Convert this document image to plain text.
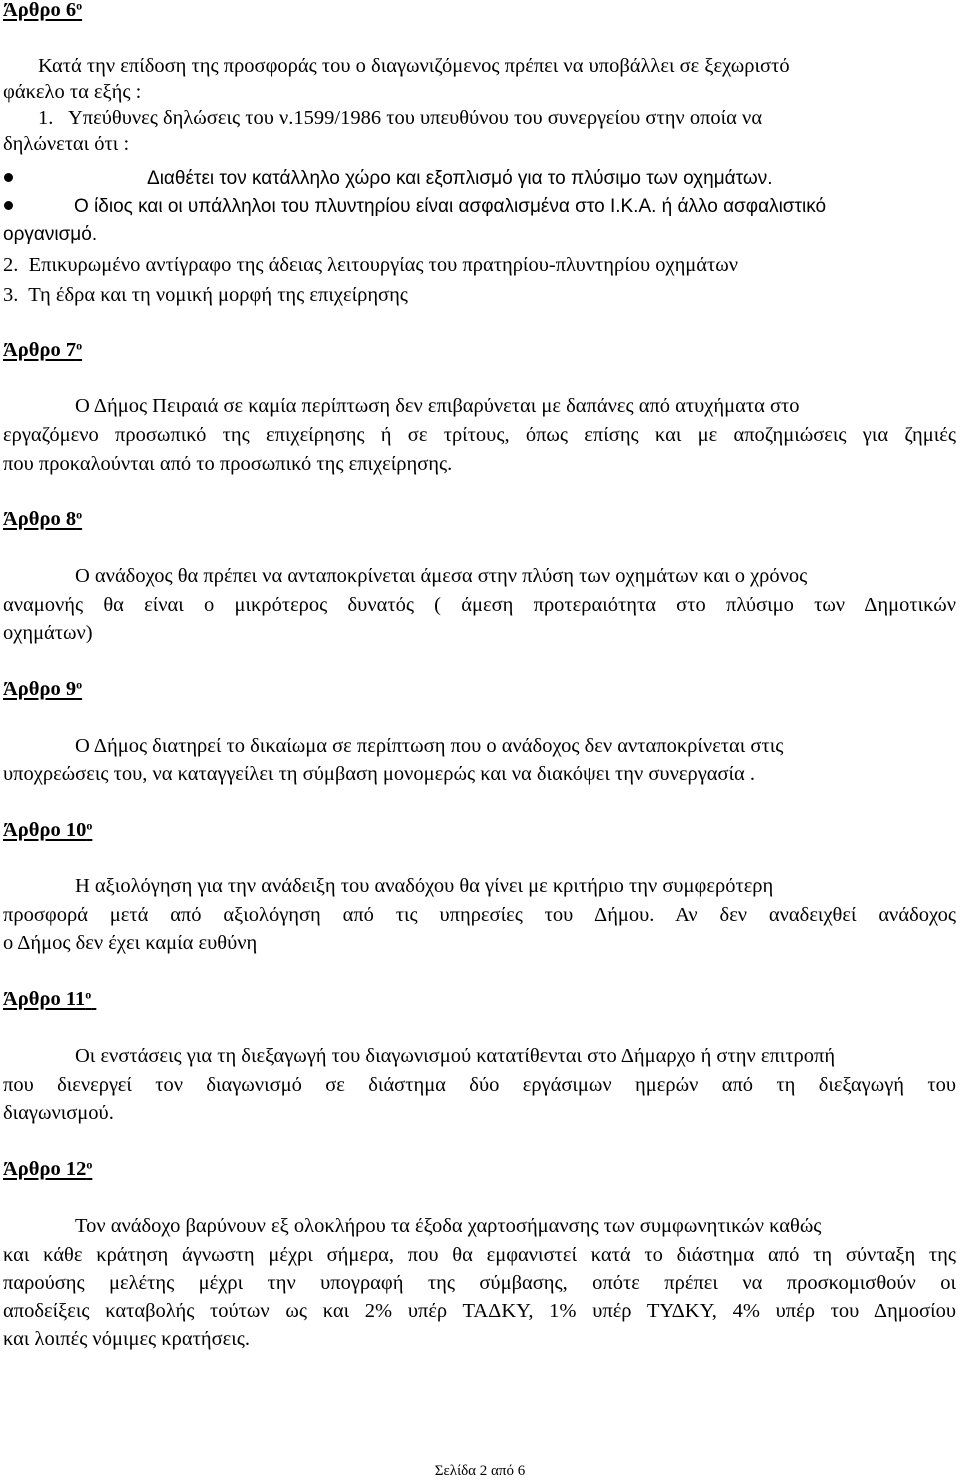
Άρθρο $6^o$
Κατά την επίδοση της προσφοράς του ο διαγωνιζόμενος πρέπει να υποβάλλει σε ξεχωριστό
φάκελο τα εξής :
1.   Υπεύθυνες δηλώσεις του ν.1599/1986 του υπευθύνου του συνεργείου στην οποία να
δηλώνεται ότι :
Διαθέτει τον κατάλληλο χώρο και εξοπλισμό για το πλύσιμο των οχημάτων.
Ο ίδιος και οι υπάλληλοι του πλυντηρίου είναι ασφαλισμένα στο Ι.Κ.Α. ή άλλο ασφαλιστικό
οργανισμό.
2.  Επικυρωμένο αντίγραφο της άδειας λειτουργίας του πρατηρίου-πλυντηρίου οχημάτων
3.  Τη έδρα και τη νομική μορφή της επιχείρησης
Άρθρο $7^o$
Ο Δήμος Πειραιά σε καμία περίπτωση δεν επιβαρύνεται με δαπάνες από ατυχήματα στο
εργαζόμενο προσωπικό της επιχείρησης ή σε τρίτους, όπως επίσης και με αποζημιώσεις για ζημιές
που προκαλούνται από το προσωπικό της επιχείρησης.
Άρθρο $8^o$
Ο ανάδοχος θα πρέπει να ανταποκρίνεται άμεσα στην πλύση των οχημάτων και ο χρόνος
αναμονής θα είναι ο μικρότερος δυνατός ( άμεση προτεραιότητα στο πλύσιμο των Δημοτικών
οχημάτων)
Άρθρο $9^o$
Ο Δήμος διατηρεί το δικαίωμα σε περίπτωση που ο ανάδοχος δεν ανταποκρίνεται στις
υποχρεώσεις του, να καταγγείλει τη σύμβαση μονομερώς και να διακόψει την συνεργασία .
Άρθρο $10^o$
Η αξιολόγηση για την ανάδειξη του αναδόχου θα γίνει με κριτήριο την συμφερότερη
προσφορά μετά από αξιολόγηση από τις υπηρεσίες του Δήμου. Αν δεν αναδειχθεί ανάδοχος
ο Δήμος δεν έχει καμία ευθύνη
Άρθρο $11^o$
Οι ενστάσεις για τη διεξαγωγή του διαγωνισμού κατατίθενται στο Δήμαρχο ή στην επιτροπή
που διενεργεί τον διαγωνισμό σε διάστημα δύο εργάσιμων ημερών από τη διεξαγωγή του
διαγωνισμού.
Άρθρο $12^o$
Τον ανάδοχο βαρύνουν εξ ολοκλήρου τα έξοδα χαρτοσήμανσης των συμφωνητικών καθώς
και κάθε κράτηση άγνωστη μέχρι σήμερα, που θα εμφανιστεί κατά το διάστημα από τη σύνταξη της
παρούσης μελέτης μέχρι την υπογραφή της σύμβασης, οπότε πρέπει να προσκομισθούν οι
αποδείξεις καταβολής τούτων ως και 2% υπέρ ΤΑΔΚΥ, 1% υπέρ ΤΥΔΚΥ, 4% υπέρ του Δημοσίου
και λοιπές νόμιμες κρατήσεις.
Σελίδα 2 από 6
